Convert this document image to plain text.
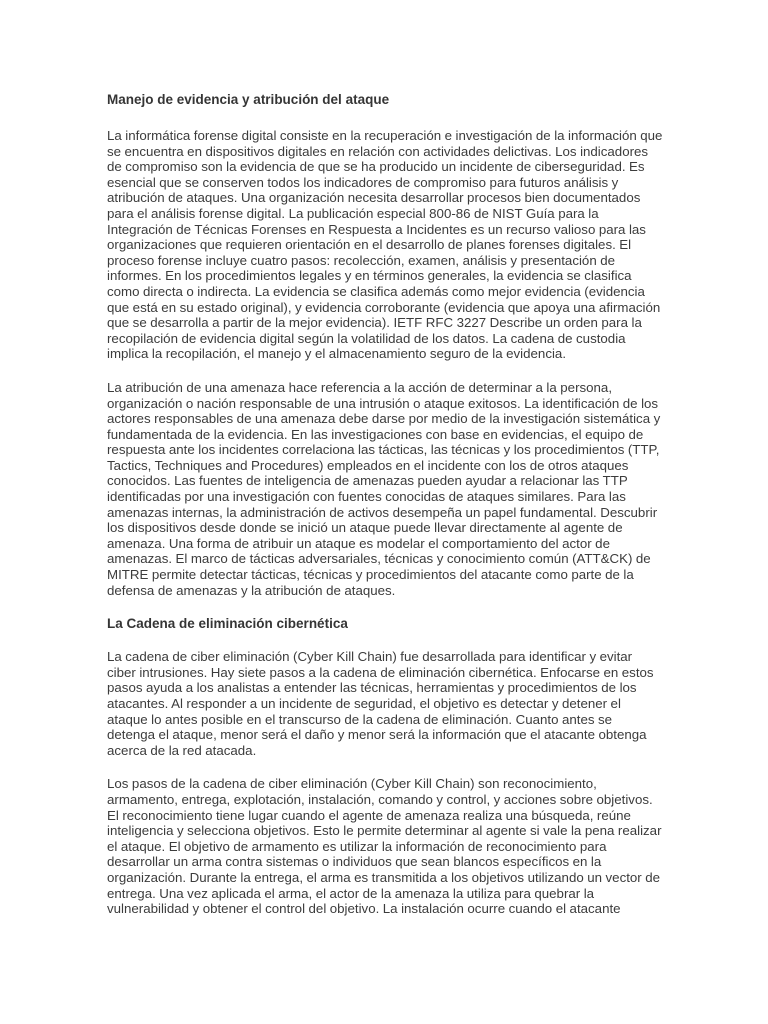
Manejo de evidencia y atribución del ataque

La informática forense digital consiste en la recuperación e investigación de la información que
se encuentra en dispositivos digitales en relación con actividades delictivas. Los indicadores
de compromiso son la evidencia de que se ha producido un incidente de ciberseguridad. Es
esencial que se conserven todos los indicadores de compromiso para futuros análisis y
atribución de ataques. Una organización necesita desarrollar procesos bien documentados
para el análisis forense digital. La publicación especial 800-86 de NIST Guía para la
Integración de Técnicas Forenses en Respuesta a Incidentes es un recurso valioso para las
organizaciones que requieren orientación en el desarrollo de planes forenses digitales. El
proceso forense incluye cuatro pasos: recolección, examen, análisis y presentación de
informes. En los procedimientos legales y en términos generales, la evidencia se clasifica
como directa o indirecta. La evidencia se clasifica además como mejor evidencia (evidencia
que está en su estado original), y evidencia corroborante (evidencia que apoya una afirmación
que se desarrolla a partir de la mejor evidencia). IETF RFC 3227 Describe un orden para la
recopilación de evidencia digital según la volatilidad de los datos. La cadena de custodia
implica la recopilación, el manejo y el almacenamiento seguro de la evidencia.

La atribución de una amenaza hace referencia a la acción de determinar a la persona,
organización o nación responsable de una intrusión o ataque exitosos. La identificación de los
actores responsables de una amenaza debe darse por medio de la investigación sistemática y
fundamentada de la evidencia. En las investigaciones con base en evidencias, el equipo de
respuesta ante los incidentes correlaciona las tácticas, las técnicas y los procedimientos (TTP,
Tactics, Techniques and Procedures) empleados en el incidente con los de otros ataques
conocidos. Las fuentes de inteligencia de amenazas pueden ayudar a relacionar las TTP
identificadas por una investigación con fuentes conocidas de ataques similares. Para las
amenazas internas, la administración de activos desempeña un papel fundamental. Descubrir
los dispositivos desde donde se inició un ataque puede llevar directamente al agente de
amenaza. Una forma de atribuir un ataque es modelar el comportamiento del actor de
amenazas. El marco de tácticas adversariales, técnicas y conocimiento común (ATT&CK) de
MITRE permite detectar tácticas, técnicas y procedimientos del atacante como parte de la
defensa de amenazas y la atribución de ataques.

La Cadena de eliminación cibernética

La cadena de ciber eliminación (Cyber Kill Chain) fue desarrollada para identificar y evitar
ciber intrusiones. Hay siete pasos a la cadena de eliminación cibernética. Enfocarse en estos
pasos ayuda a los analistas a entender las técnicas, herramientas y procedimientos de los
atacantes. Al responder a un incidente de seguridad, el objetivo es detectar y detener el
ataque lo antes posible en el transcurso de la cadena de eliminación. Cuanto antes se
detenga el ataque, menor será el daño y menor será la información que el atacante obtenga
acerca de la red atacada.

Los pasos de la cadena de ciber eliminación (Cyber Kill Chain) son reconocimiento,
armamento, entrega, explotación, instalación, comando y control, y acciones sobre objetivos.
El reconocimiento tiene lugar cuando el agente de amenaza realiza una búsqueda, reúne
inteligencia y selecciona objetivos. Esto le permite determinar al agente si vale la pena realizar
el ataque. El objetivo de armamento es utilizar la información de reconocimiento para
desarrollar un arma contra sistemas o individuos que sean blancos específicos en la
organización. Durante la entrega, el arma es transmitida a los objetivos utilizando un vector de
entrega. Una vez aplicada el arma, el actor de la amenaza la utiliza para quebrar la
vulnerabilidad y obtener el control del objetivo. La instalación ocurre cuando el atacante
